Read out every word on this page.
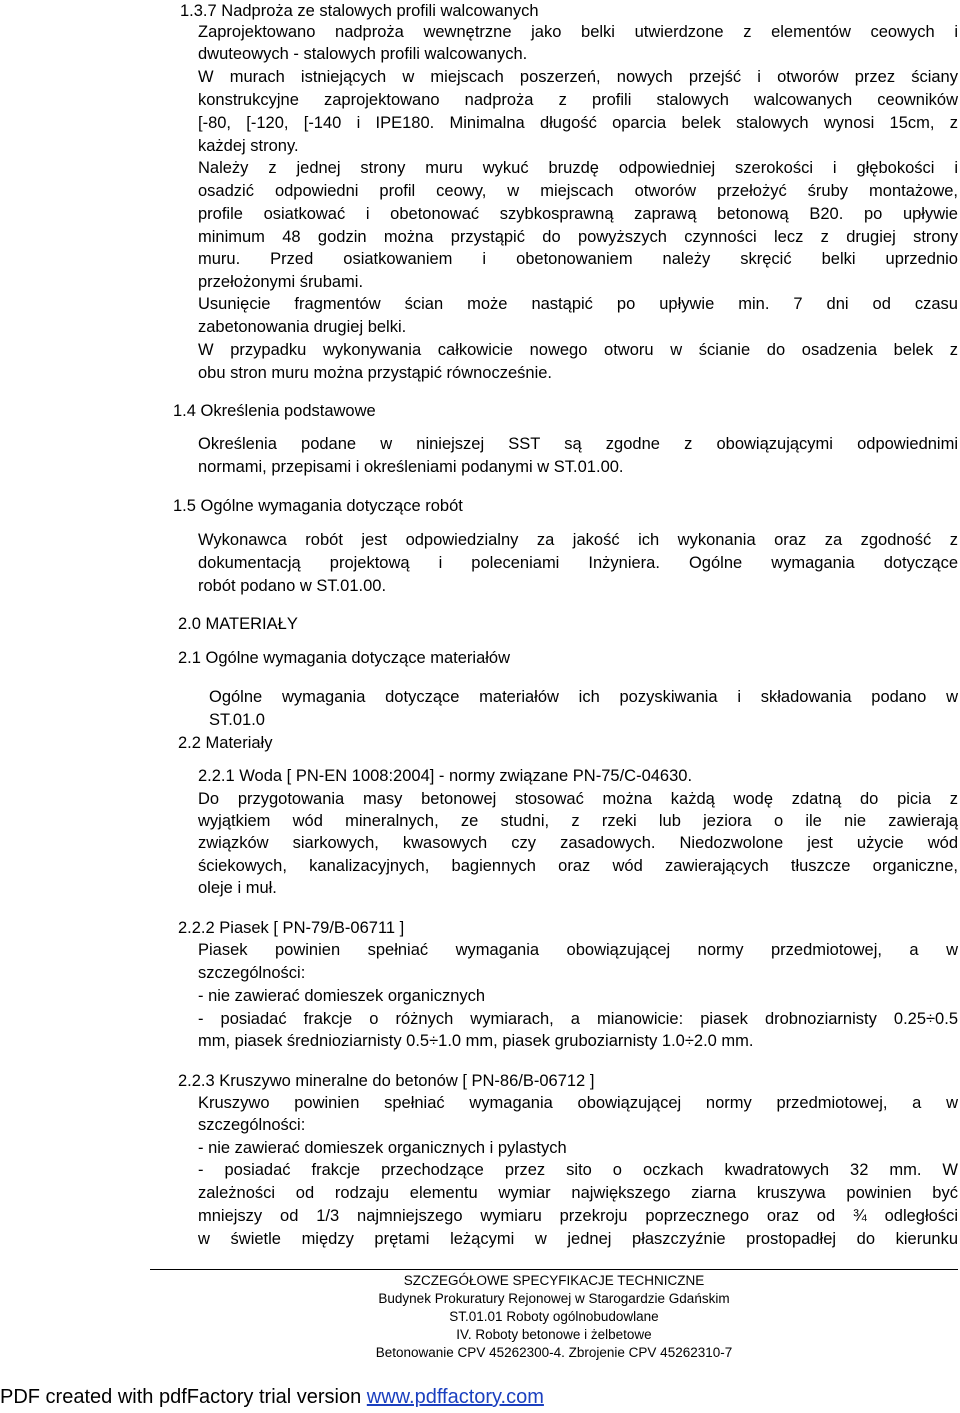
1.3.7 Nadproża ze stalowych profili walcowanych
Zaprojektowano nadproża wewnętrzne jako belki utwierdzone z elementów ceowych i
dwuteowych - stalowych profili walcowanych.
W murach istniejących w miejscach poszerzeń, nowych przejść i otworów przez ściany
konstrukcyjne zaprojektowano nadproża z profili stalowych walcowanych ceowników
[-80, [-120, [-140 i IPE180. Minimalna długość oparcia belek stalowych wynosi 15cm, z
każdej strony.
Należy z jednej strony muru wykuć bruzdę odpowiedniej szerokości i głębokości i
osadzić odpowiedni profil ceowy, w miejscach otworów przełożyć śruby montażowe,
profile osiatkować i obetonować szybkosprawną zaprawą betonową B20. po upływie
minimum 48 godzin można przystąpić do powyższych czynności lecz z drugiej strony
muru. Przed osiatkowaniem i obetonowaniem należy skręcić belki uprzednio
przełożonymi śrubami.
Usunięcie fragmentów ścian może nastąpić po upływie min. 7 dni od czasu
zabetonowania drugiej belki.
W przypadku wykonywania całkowicie nowego otworu w ścianie do osadzenia belek z
obu stron muru można przystąpić równocześnie.
1.4 Określenia podstawowe
Określenia podane w niniejszej SST są zgodne z obowiązującymi odpowiednimi
normami, przepisami i określeniami podanymi w ST.01.00.
1.5 Ogólne wymagania dotyczące robót
Wykonawca robót jest odpowiedzialny za jakość ich wykonania oraz za zgodność z
dokumentacją projektową i poleceniami Inżyniera. Ogólne wymagania dotyczące
robót podano w ST.01.00.
2.0 MATERIAŁY
2.1 Ogólne wymagania dotyczące materiałów
Ogólne wymagania dotyczące materiałów ich pozyskiwania i składowania podano w
ST.01.0
2.2 Materiały
2.2.1 Woda [ PN-EN 1008:2004] - normy związane PN-75/C-04630.
Do przygotowania masy betonowej stosować można każdą wodę zdatną do picia z
wyjątkiem wód mineralnych, ze studni, z rzeki lub jeziora o ile nie zawierają
związków siarkowych, kwasowych czy zasadowych. Niedozwolone jest użycie wód
ściekowych, kanalizacyjnych, bagiennych oraz wód zawierających tłuszcze organiczne,
oleje i muł.
2.2.2 Piasek [ PN-79/B-06711 ]
Piasek powinien spełniać wymagania obowiązującej normy przedmiotowej, a w
szczególności:
- nie zawierać domieszek organicznych
- posiadać frakcje o różnych wymiarach, a mianowicie: piasek drobnoziarnisty 0.25÷0.5
mm, piasek średnioziarnisty 0.5÷1.0 mm, piasek gruboziarnisty 1.0÷2.0 mm.
2.2.3 Kruszywo mineralne do betonów [ PN-86/B-06712 ]
Kruszywo powinien spełniać wymagania obowiązującej normy przedmiotowej, a w
szczególności:
- nie zawierać domieszek organicznych i pylastych
- posiadać frakcje przechodzące przez sito o oczkach kwadratowych 32 mm. W
zależności od rodzaju elementu wymiar największego ziarna kruszywa powinien być
mniejszy od 1/3 najmniejszego wymiaru przekroju poprzecznego oraz od ¾ odległości
w świetle między prętami leżącymi w jednej płaszczyźnie prostopadłej do kierunku
SZCZEGÓŁOWE SPECYFIKACJE TECHNICZNE
Budynek Prokuratury Rejonowej w Starogardzie Gdańskim
ST.01.01 Roboty ogólnobudowlane
IV. Roboty betonowe i żelbetowe
Betonowanie CPV 45262300-4. Zbrojenie CPV 45262310-7
PDF created with pdfFactory trial version www.pdffactory.com
